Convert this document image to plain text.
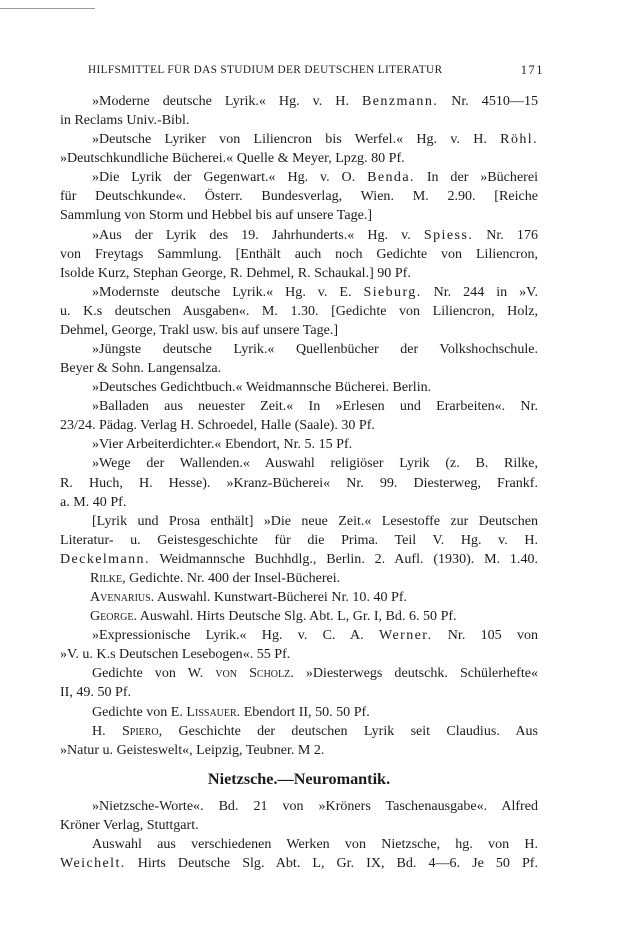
HILFSMITTEL FÜR DAS STUDIUM DER DEUTSCHEN LITERATUR	171
»Moderne deutsche Lyrik.« Hg. v. H. Benzmann. Nr. 4510—15
in Reclams Univ.-Bibl.
»Deutsche Lyriker von Liliencron bis Werfel.« Hg. v. H. Röhl.
»Deutschkundliche Bücherei.« Quelle & Meyer, Lpzg. 80 Pf.
»Die Lyrik der Gegenwart.« Hg. v. O. Benda. In der »Bücherei
für Deutschkunde«. Österr. Bundesverlag, Wien. M. 2.90. [Reiche
Sammlung von Storm und Hebbel bis auf unsere Tage.]
»Aus der Lyrik des 19. Jahrhunderts.« Hg. v. Spiess. Nr. 176
von Freytags Sammlung. [Enthält auch noch Gedichte von Liliencron,
Isolde Kurz, Stephan George, R. Dehmel, R. Schaukal.] 90 Pf.
»Modernste deutsche Lyrik.« Hg. v. E. Sieburg. Nr. 244 in »V.
u. K.s deutschen Ausgaben«. M. 1.30. [Gedichte von Liliencron, Holz,
Dehmel, George, Trakl usw. bis auf unsere Tage.]
»Jüngste deutsche Lyrik.« Quellenbücher der Volkshochschule.
Beyer & Sohn. Langensalza.
»Deutsches Gedichtbuch.« Weidmannsche Bücherei. Berlin.
»Balladen aus neuester Zeit.« In »Erlesen und Erarbeiten«. Nr.
23/24. Pädag. Verlag H. Schroedel, Halle (Saale). 30 Pf.
»Vier Arbeiterdichter.« Ebendort, Nr. 5. 15 Pf.
»Wege der Wallenden.« Auswahl religiöser Lyrik (z. B. Rilke,
R. Huch, H. Hesse). »Kranz-Bücherei« Nr. 99. Diesterweg, Frankf.
a. M. 40 Pf.
[Lyrik und Prosa enthält] »Die neue Zeit.« Lesestoffe zur Deutschen
Literatur- u. Geistesgeschichte für die Prima. Teil V. Hg. v. H.
Deckelmann. Weidmannsche Buchhdlg., Berlin. 2. Aufl. (1930). M. 1.40.
Rilke, Gedichte. Nr. 400 der Insel-Bücherei.
Avenarius. Auswahl. Kunstwart-Bücherei Nr. 10. 40 Pf.
George. Auswahl. Hirts Deutsche Slg. Abt. L, Gr. I, Bd. 6. 50 Pf.
»Expressionische Lyrik.« Hg. v. C. A. Werner. Nr. 105 von
»V. u. K.s Deutschen Lesebogen«. 55 Pf.
Gedichte von W. von Scholz. »Diesterwegs deutschk. Schülerhefte«
II, 49. 50 Pf.
Gedichte von E. Lissauer. Ebendort II, 50. 50 Pf.
H. Spiero, Geschichte der deutschen Lyrik seit Claudius. Aus
»Natur u. Geisteswelt«, Leipzig, Teubner. M 2.
Nietzsche.—Neuromantik.
»Nietzsche-Worte«. Bd. 21 von »Kröners Taschenausgabe«. Alfred
Kröner Verlag, Stuttgart.
Auswahl aus verschiedenen Werken von Nietzsche, hg. von H.
Weichelt. Hirts Deutsche Slg. Abt. L, Gr. IX, Bd. 4—6. Je 50 Pf.
